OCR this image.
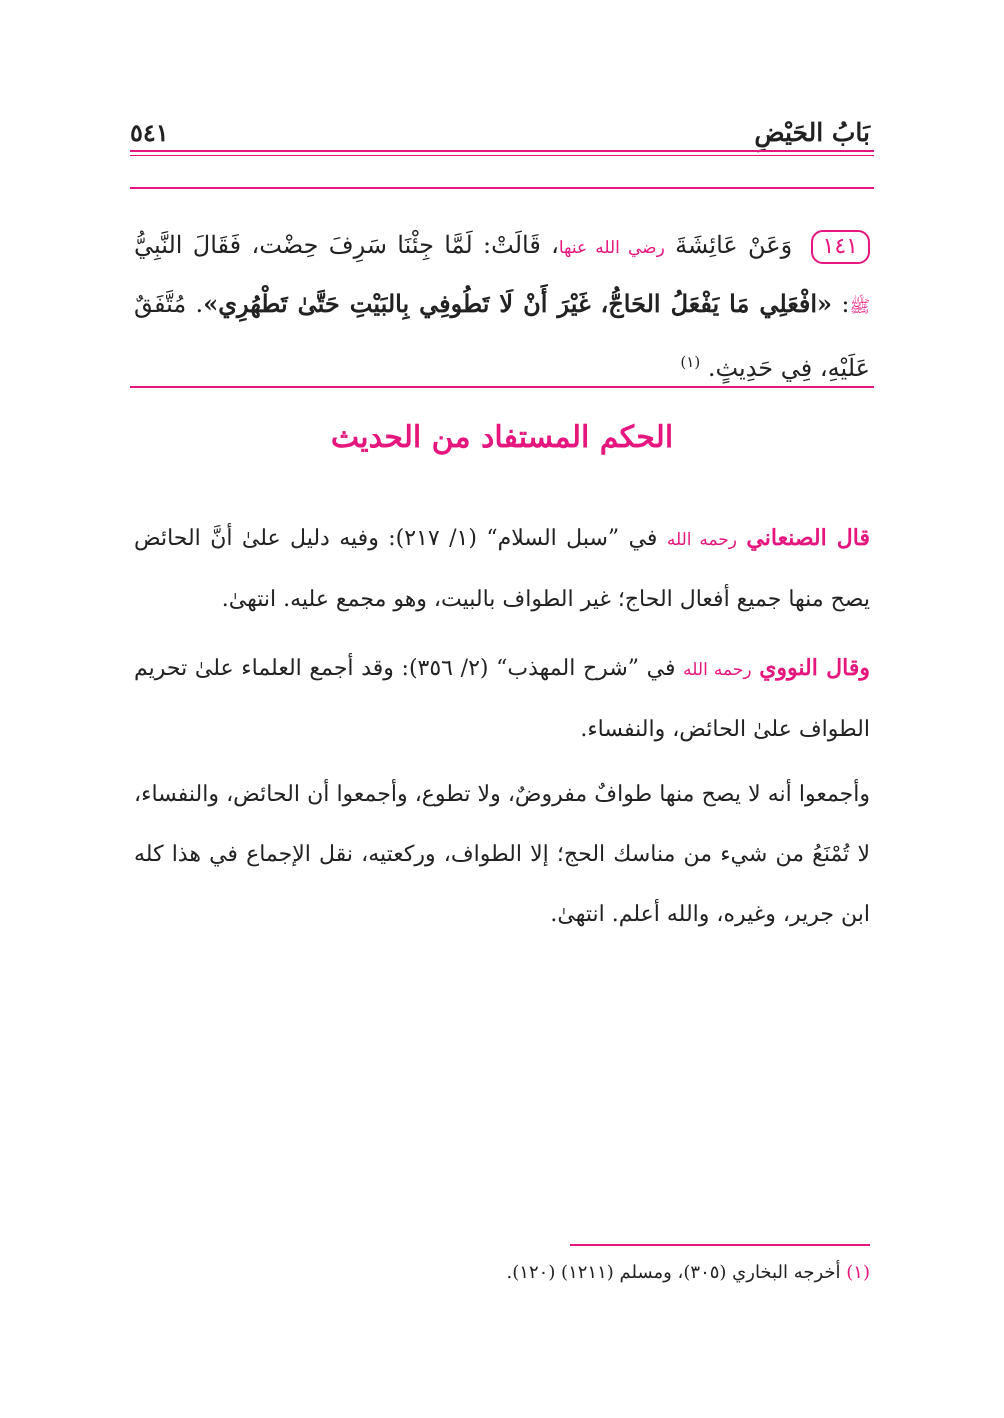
بَابُ الحَيْضِ
٥٤١
١٤١ وَعَنْ عَائِشَةَ رضي الله عنها، قَالَتْ: لَمَّا جِئْنَا سَرِفَ حِضْت، فَقَالَ النَّبِيُّ ﷺ: «افْعَلِي مَا يَفْعَلُ الحَاجُّ، غَيْرَ أَنْ لَا تَطُوفِي بِالبَيْتِ حَتَّىٰ تَطْهُرِي». مُتَّفَقٌ عَلَيْهِ، فِي حَدِيثٍ. $^{(١)}$
الحكم المستفاد من الحديث
قال الصنعاني رحمه الله في ”سبل السلام“ (١/ ٢١٧): وفيه دليل علىٰ أنَّ الحائض يصح منها جميع أفعال الحاج؛ غير الطواف بالبيت، وهو مجمع عليه. انتهىٰ.
وقال النووي رحمه الله في ”شرح المهذب“ (٢/ ٣٥٦): وقد أجمع العلماء علىٰ تحريم الطواف علىٰ الحائض، والنفساء.
وأجمعوا أنه لا يصح منها طوافٌ مفروضٌ، ولا تطوع، وأجمعوا أن الحائض، والنفساء، لا تُمْنَعُ من شيء من مناسك الحج؛ إلا الطواف، وركعتيه، نقل الإجماع في هذا كله ابن جرير، وغيره، والله أعلم. انتهىٰ.
(١) أخرجه البخاري (٣٠٥)، ومسلم (١٢١١) (١٢٠).
